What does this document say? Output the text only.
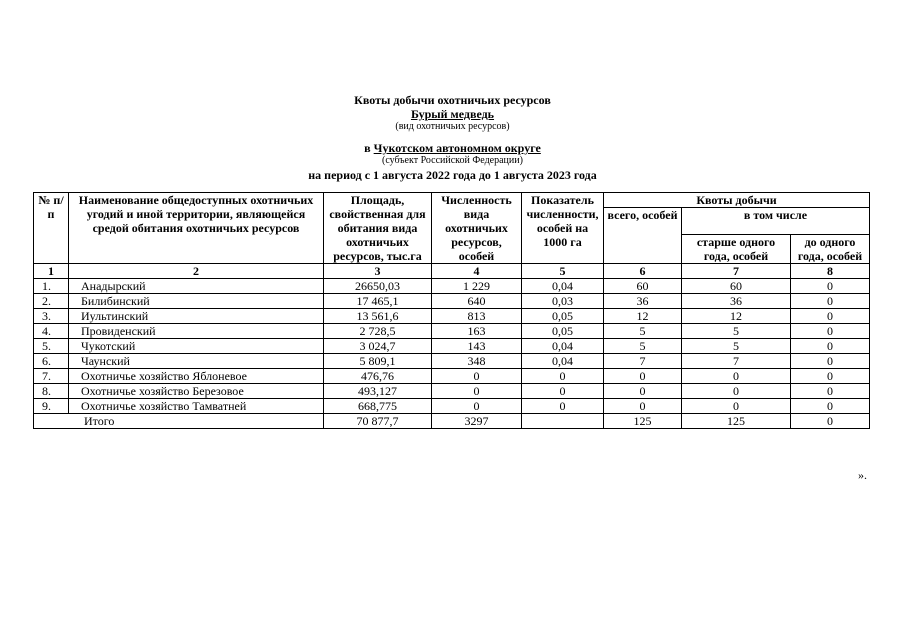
Квоты добычи охотничьих ресурсов
Бурый медведь
(вид охотничьих ресурсов)
в Чукотском автономном округе
(субъект Российской Федерации)
на период с 1 августа 2022 года до 1 августа 2023 года
№ п/п	Наименование общедоступных охотничьих угодий и иной территории, являющейся средой обитания охотничьих ресурсов	Площадь, свойственная для обитания вида охотничьих ресурсов, тыс.га	Численность вида охотничьих ресурсов, особей	Показатель численности, особей на 1000 га	Квоты добычи		
					всего, особей	в том числе	
						старше одного года, особей	до одного года, особей
1	2	3	4	5	6	7	8
1.	Анадырский	26650,03	1 229	0,04	60	60	0
2.	Билибинский	17 465,1	640	0,03	36	36	0
3.	Иультинский	13 561,6	813	0,05	12	12	0
4.	Провиденский	2 728,5	163	0,05	5	5	0
5.	Чукотский	3 024,7	143	0,04	5	5	0
6.	Чаунский	5 809,1	348	0,04	7	7	0
7.	Охотничье хозяйство Яблоневое	476,76	0	0	0	0	0
8.	Охотничье хозяйство Березовое	493,127	0	0	0	0	0
9.	Охотничье хозяйство Тамватней	668,775	0	0	0	0	0
Итого		70 877,7	3297		125	125	0
».
